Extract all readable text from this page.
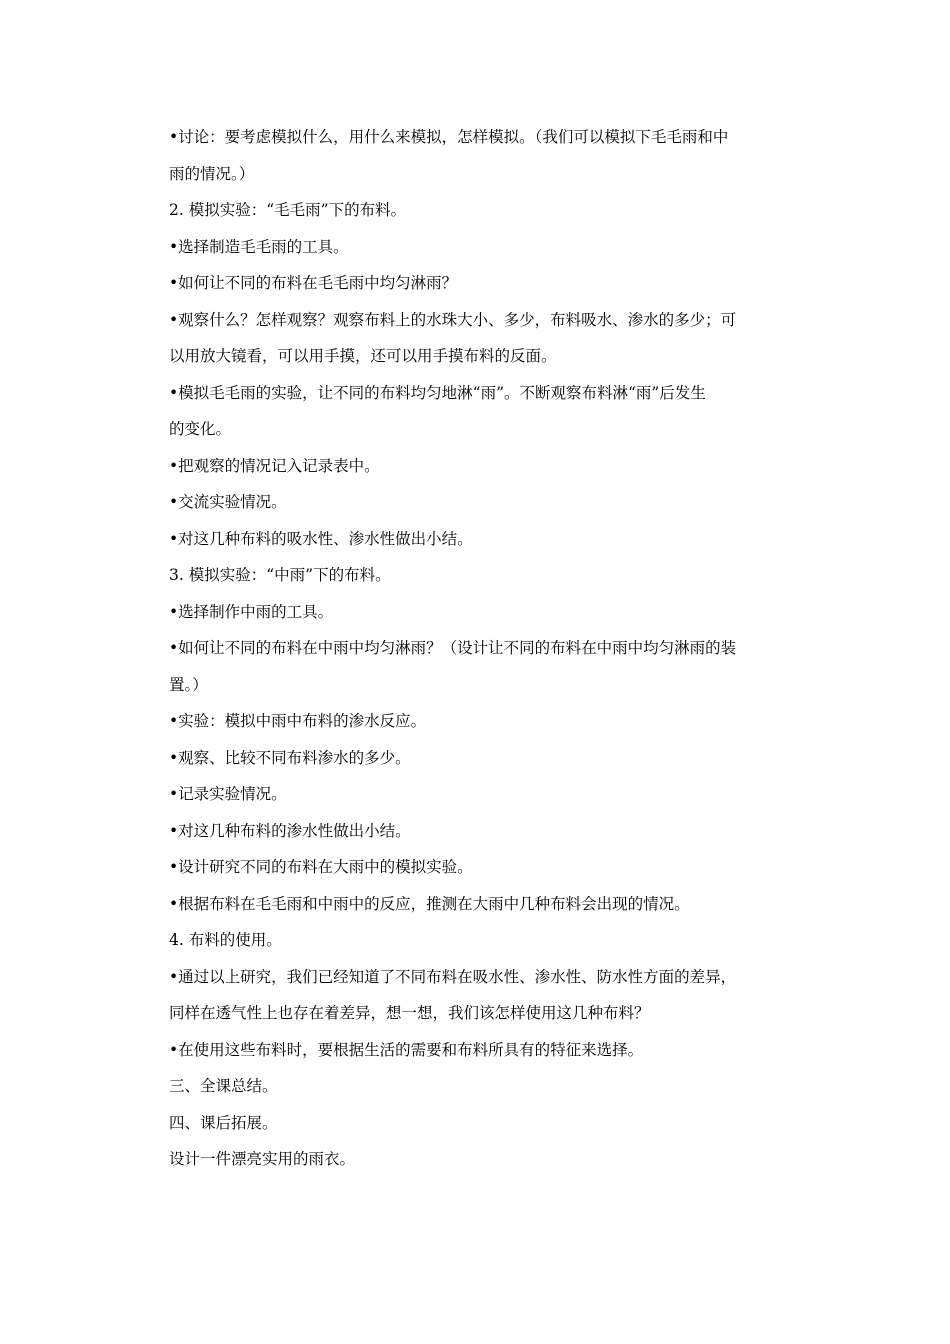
•讨论：要考虑模拟什么，用什么来模拟，怎样模拟。（我们可以模拟下毛毛雨和中
雨的情况。）
2. 模拟实验：“毛毛雨”下的布料。
•选择制造毛毛雨的工具。
•如何让不同的布料在毛毛雨中均匀淋雨？
•观察什么？怎样观察？观察布料上的水珠大小、多少，布料吸水、渗水的多少；可
以用放大镜看，可以用手摸，还可以用手摸布料的反面。
•模拟毛毛雨的实验，让不同的布料均匀地淋“雨”。不断观察布料淋“雨”后发生
的变化。
•把观察的情况记入记录表中。
•交流实验情况。
•对这几种布料的吸水性、渗水性做出小结。
3. 模拟实验：“中雨”下的布料。
•选择制作中雨的工具。
•如何让不同的布料在中雨中均匀淋雨？（设计让不同的布料在中雨中均匀淋雨的装
置。）
•实验：模拟中雨中布料的渗水反应。
•观察、比较不同布料渗水的多少。
•记录实验情况。
•对这几种布料的渗水性做出小结。
•设计研究不同的布料在大雨中的模拟实验。
•根据布料在毛毛雨和中雨中的反应，推测在大雨中几种布料会出现的情况。
4. 布料的使用。
•通过以上研究，我们已经知道了不同布料在吸水性、渗水性、防水性方面的差异，
同样在透气性上也存在着差异，想一想，我们该怎样使用这几种布料？
•在使用这些布料时，要根据生活的需要和布料所具有的特征来选择。
三、全课总结。
四、课后拓展。
设计一件漂亮实用的雨衣。
